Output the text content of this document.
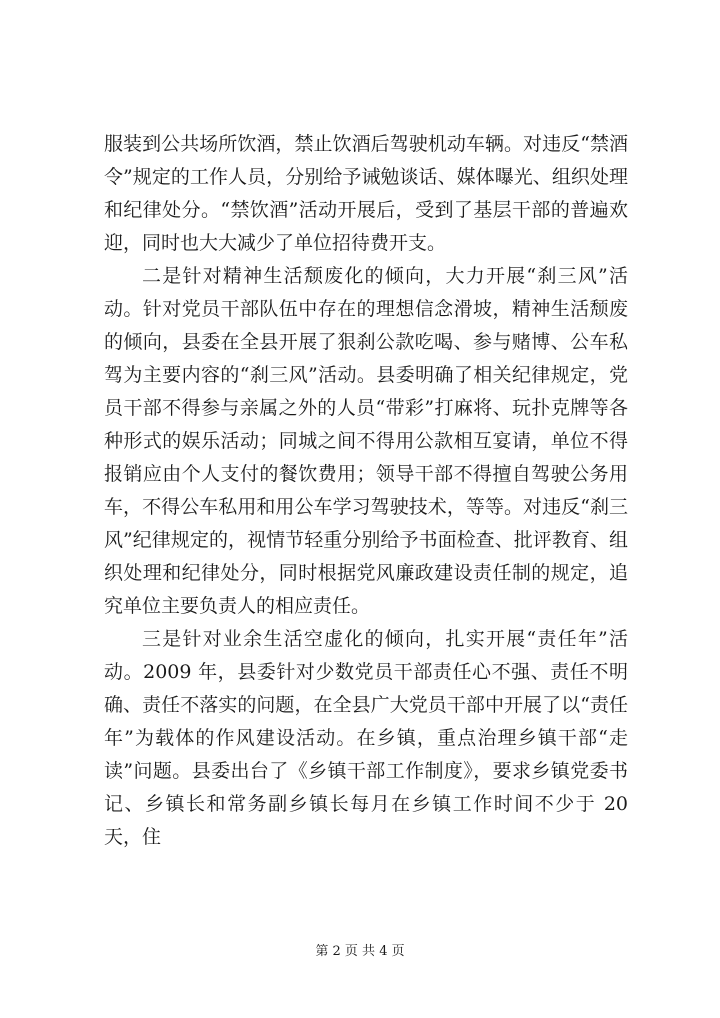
服装到公共场所饮酒，禁止饮酒后驾驶机动车辆。对违反“禁酒令”规定的工作人员，分别给予诫勉谈话、媒体曝光、组织处理和纪律处分。“禁饮酒”活动开展后，受到了基层干部的普遍欢迎，同时也大大减少了单位招待费开支。

二是针对精神生活颓废化的倾向，大力开展“刹三风”活动。针对党员干部队伍中存在的理想信念滑坡，精神生活颓废的倾向，县委在全县开展了狠刹公款吃喝、参与赌博、公车私驾为主要内容的“刹三风”活动。县委明确了相关纪律规定，党员干部不得参与亲属之外的人员“带彩”打麻将、玩扑克牌等各种形式的娱乐活动；同城之间不得用公款相互宴请，单位不得报销应由个人支付的餐饮费用；领导干部不得擅自驾驶公务用车，不得公车私用和用公车学习驾驶技术，等等。对违反“刹三风”纪律规定的，视情节轻重分别给予书面检查、批评教育、组织处理和纪律处分，同时根据党风廉政建设责任制的规定，追究单位主要负责人的相应责任。

三是针对业余生活空虚化的倾向，扎实开展“责任年”活动。2009 年，县委针对少数党员干部责任心不强、责任不明确、责任不落实的问题，在全县广大党员干部中开展了以“责任年”为载体的作风建设活动。在乡镇，重点治理乡镇干部“走读”问题。县委出台了《乡镇干部工作制度》，要求乡镇党委书记、乡镇长和常务副乡镇长每月在乡镇工作时间不少于 20 天，住

第 2 页 共 4 页
